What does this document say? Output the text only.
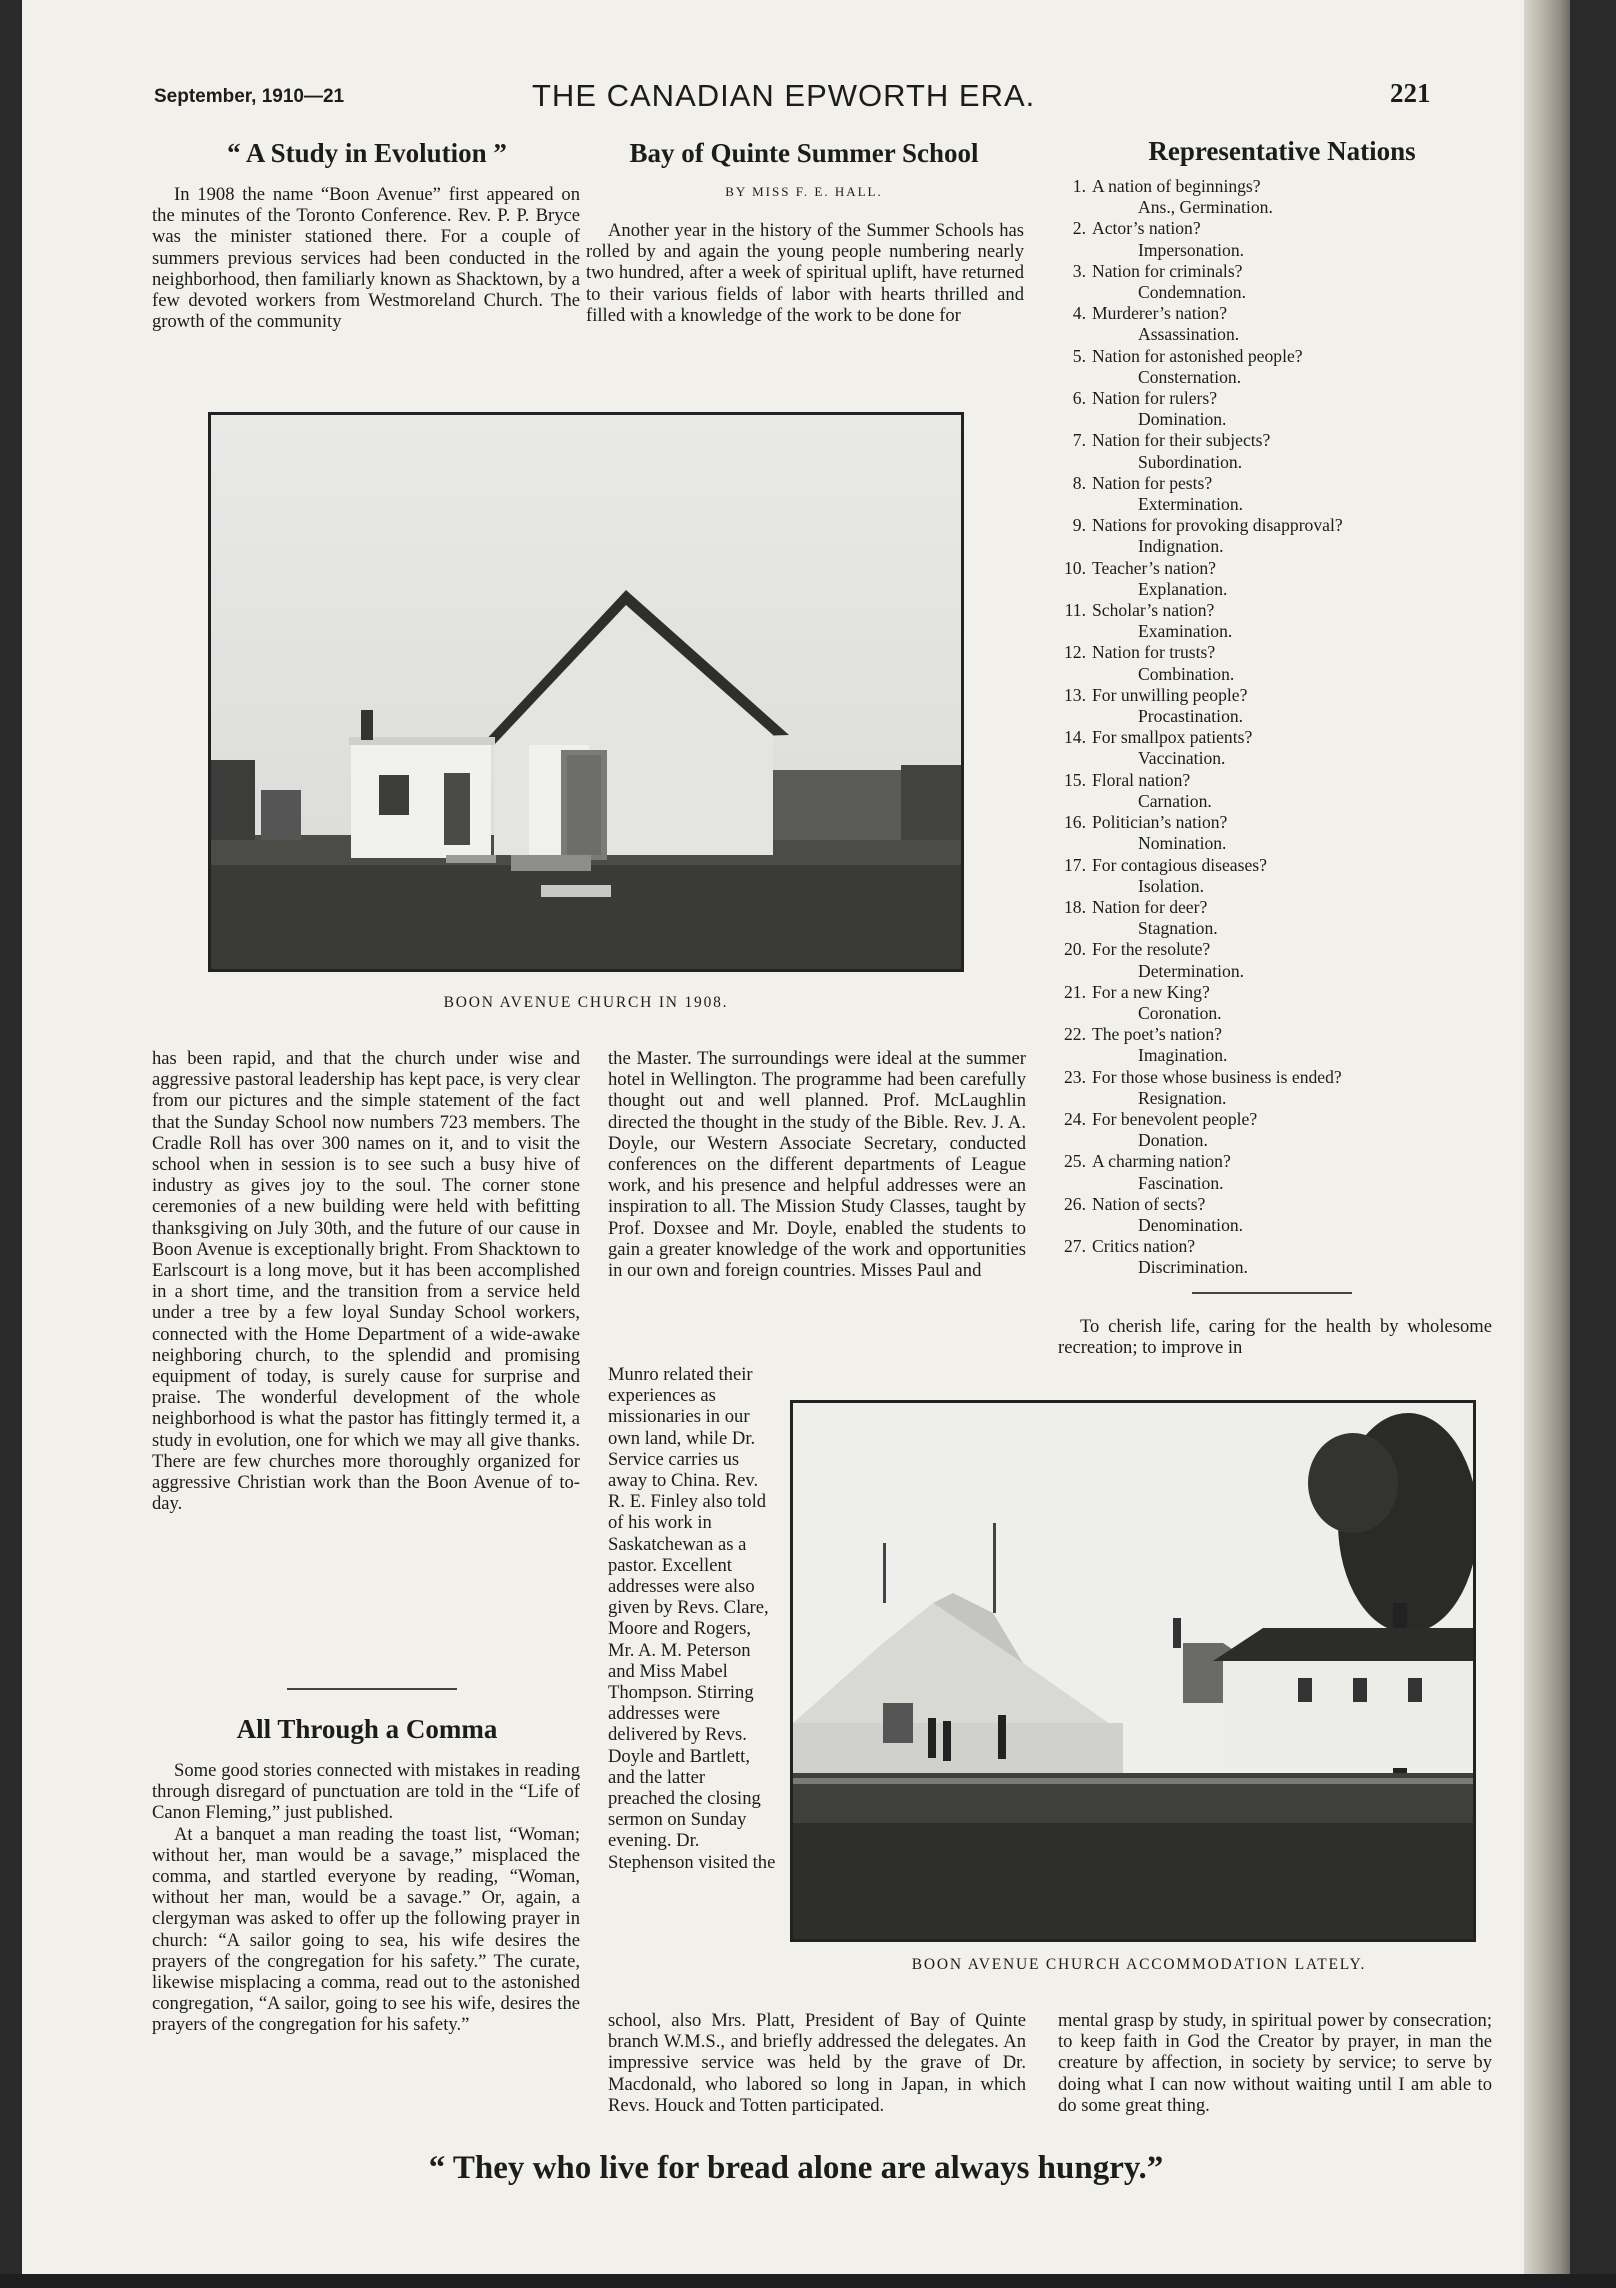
September, 1910—21	THE CANADIAN EPWORTH ERA.	221
“ A Study in Evolution ”

In 1908 the name “Boon Avenue” first appeared on the minutes of the Toronto Conference. Rev. P. P. Bryce was the minister stationed there. For a couple of summers previous services had been conducted in the neighborhood, then familiarly known as Shacktown, by a few devoted workers from Westmoreland Church. The growth of the community

Bay of Quinte Summer School
BY MISS F. E. HALL.

Another year in the history of the Summer Schools has rolled by and again the young people numbering nearly two hundred, after a week of spiritual uplift, have returned to their various fields of labor with hearts thrilled and filled with a knowledge of the work to be done for

Representative Nations
1. A nation of beginnings?
Ans., Germination.
2. Actor’s nation?
Impersonation.
3. Nation for criminals?
Condemnation.
4. Murderer’s nation?
Assassination.
5. Nation for astonished people?
Consternation.
6. Nation for rulers?
Domination.
7. Nation for their subjects?
Subordination.
8. Nation for pests?
Extermination.
9. Nations for provoking disapproval?
Indignation.
10. Teacher’s nation?
Explanation.
11. Scholar’s nation?
Examination.
12. Nation for trusts?
Combination.
13. For unwilling people?
Procastination.
14. For smallpox patients?
Vaccination.
15. Floral nation?
Carnation.
16. Politician’s nation?
Nomination.
17. For contagious diseases?
Isolation.
18. Nation for deer?
Stagnation.
20. For the resolute?
Determination.
21. For a new King?
Coronation.
22. The poet’s nation?
Imagination.
23. For those whose business is ended?
Resignation.
24. For benevolent people?
Donation.
25. A charming nation?
Fascination.
26. Nation of sects?
Denomination.
27. Critics nation?
Discrimination.
BOON AVENUE CHURCH IN 1908.

has been rapid, and that the church under wise and aggressive pastoral leadership has kept pace, is very clear from our pictures and the simple statement of the fact that the Sunday School now numbers 723 members. The Cradle Roll has over 300 names on it, and to visit the school when in session is to see such a busy hive of industry as gives joy to the soul. The corner stone ceremonies of a new building were held with befitting thanksgiving on July 30th, and the future of our cause in Boon Avenue is exceptionally bright. From Shacktown to Earlscourt is a long move, but it has been accomplished in a short time, and the transition from a service held under a tree by a few loyal Sunday School workers, connected with the Home Department of a wide-awake neighboring church, to the splendid and promising equipment of today, is surely cause for surprise and praise. The wonderful development of the whole neighborhood is what the pastor has fittingly termed it, a study in evolution, one for which we may all give thanks. There are few churches more thoroughly organized for aggressive Christian work than the Boon Avenue of to-day.

All Through a Comma

Some good stories connected with mistakes in reading through disregard of punctuation are told in the “Life of Canon Fleming,” just published.

At a banquet a man reading the toast list, “Woman; without her, man would be a savage,” misplaced the comma, and startled everyone by reading, “Woman, without her man, would be a savage.” Or, again, a clergyman was asked to offer up the following prayer in church: “A sailor going to sea, his wife desires the prayers of the congregation for his safety.” The curate, likewise misplacing a comma, read out to the astonished congregation, “A sailor, going to see his wife, desires the prayers of the congregation for his safety.”

the Master. The surroundings were ideal at the summer hotel in Wellington. The programme had been carefully thought out and well planned. Prof. McLaughlin directed the thought in the study of the Bible. Rev. J. A. Doyle, our Western Associate Secretary, conducted conferences on the different departments of League work, and his presence and helpful addresses were an inspiration to all. The Mission Study Classes, taught by Prof. Doxsee and Mr. Doyle, enabled the students to gain a greater knowledge of the work and opportunities in our own and foreign countries. Misses Paul and

Munro related their experiences as missionaries in our own land, while Dr. Service carries us away to China. Rev. R. E. Finley also told of his work in Saskatchewan as a pastor. Excellent addresses were also given by Revs. Clare, Moore and Rogers, Mr. A. M. Peterson and Miss Mabel Thompson. Stirring addresses were delivered by Revs. Doyle and Bartlett, and the latter preached the closing sermon on Sunday evening. Dr. Stephenson visited the

school, also Mrs. Platt, President of Bay of Quinte branch W.M.S., and briefly addressed the delegates. An impressive service was held by the grave of Dr. Macdonald, who labored so long in Japan, in which Revs. Houck and Totten participated.

To cherish life, caring for the health by wholesome recreation; to improve in

mental grasp by study, in spiritual power by consecration; to keep faith in God the Creator by prayer, in man the creature by affection, in society by service; to serve by doing what I can now without waiting until I am able to do some great thing.

BOON AVENUE CHURCH ACCOMMODATION LATELY.
“ They who live for bread alone are always hungry.”
